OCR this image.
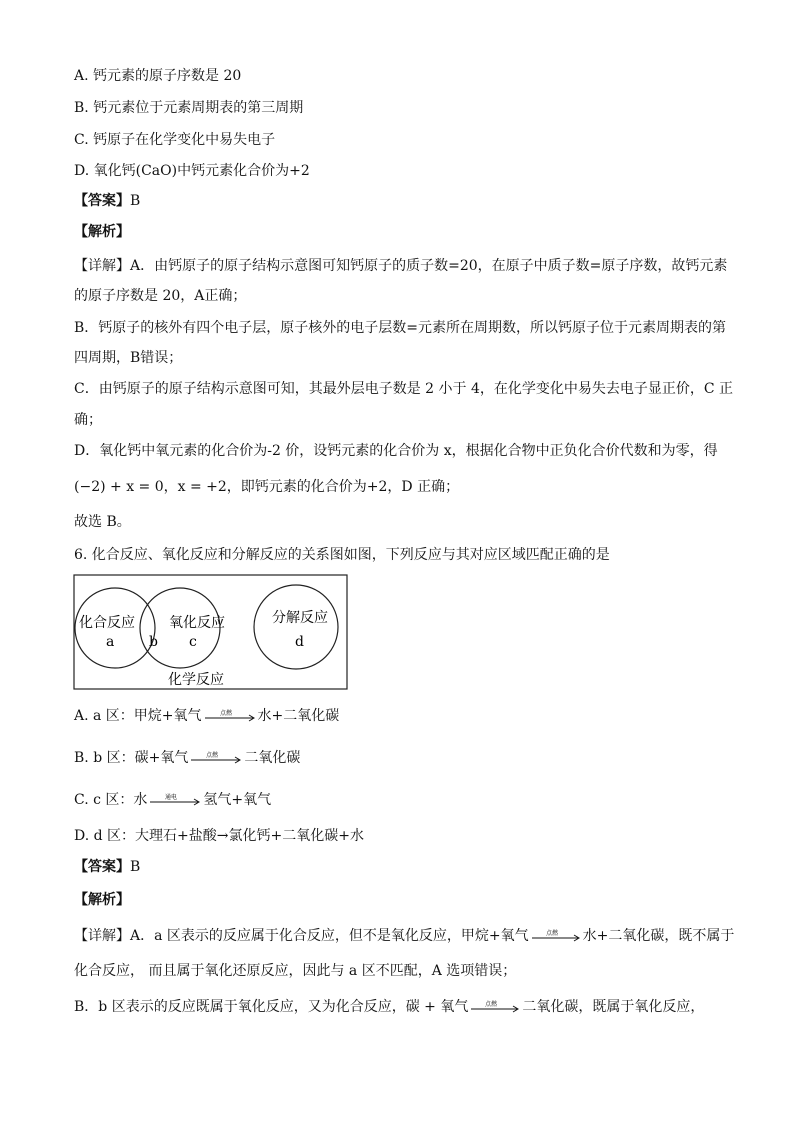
A. 钙元素的原子序数是 20
B. 钙元素位于元素周期表的第三周期
C. 钙原子在化学变化中易失电子
D. 氧化钙(CaO)中钙元素化合价为+2
【答案】B
【解析】
【详解】A．由钙原子的原子结构示意图可知钙原子的质子数=20，在原子中质子数=原子序数，故钙元素
的原子序数是 20，A正确；
B．钙原子的核外有四个电子层，原子核外的电子层数=元素所在周期数，所以钙原子位于元素周期表的第
四周期，B错误；
C．由钙原子的原子结构示意图可知，其最外层电子数是 2 小于 4，在化学变化中易失去电子显正价，C 正
确；
D．氧化钙中氧元素的化合价为-2 价，设钙元素的化合价为 x，根据化合物中正负化合价代数和为零，得
(−2) + x = 0，x = +2，即钙元素的化合价为+2，D 正确；
故选 B。
6. 化合反应、氧化反应和分解反应的关系图如图，下列反应与其对应区域匹配正确的是
化合反应 氧化反应	分解反应
a b c	d
化学反应
A. a 区：甲烷+氧气	点燃 水+二氧化碳
B. b 区：碳+氧气	点燃 二氧化碳
C. c 区：水	通电 氢气+氧气
D. d 区：大理石+盐酸→氯化钙+二氧化碳+水
【答案】B
【解析】
【详解】A．a 区表示的反应属于化合反应，但不是氧化反应，甲烷+氧气	点燃 水+二氧化碳，既不属于
化合反应， 而且属于氧化还原反应，因此与 a 区不匹配，A 选项错误；
B．b 区表示的反应既属于氧化反应，又为化合反应，碳 + 氧气	点燃 二氧化碳，既属于氧化反应，
